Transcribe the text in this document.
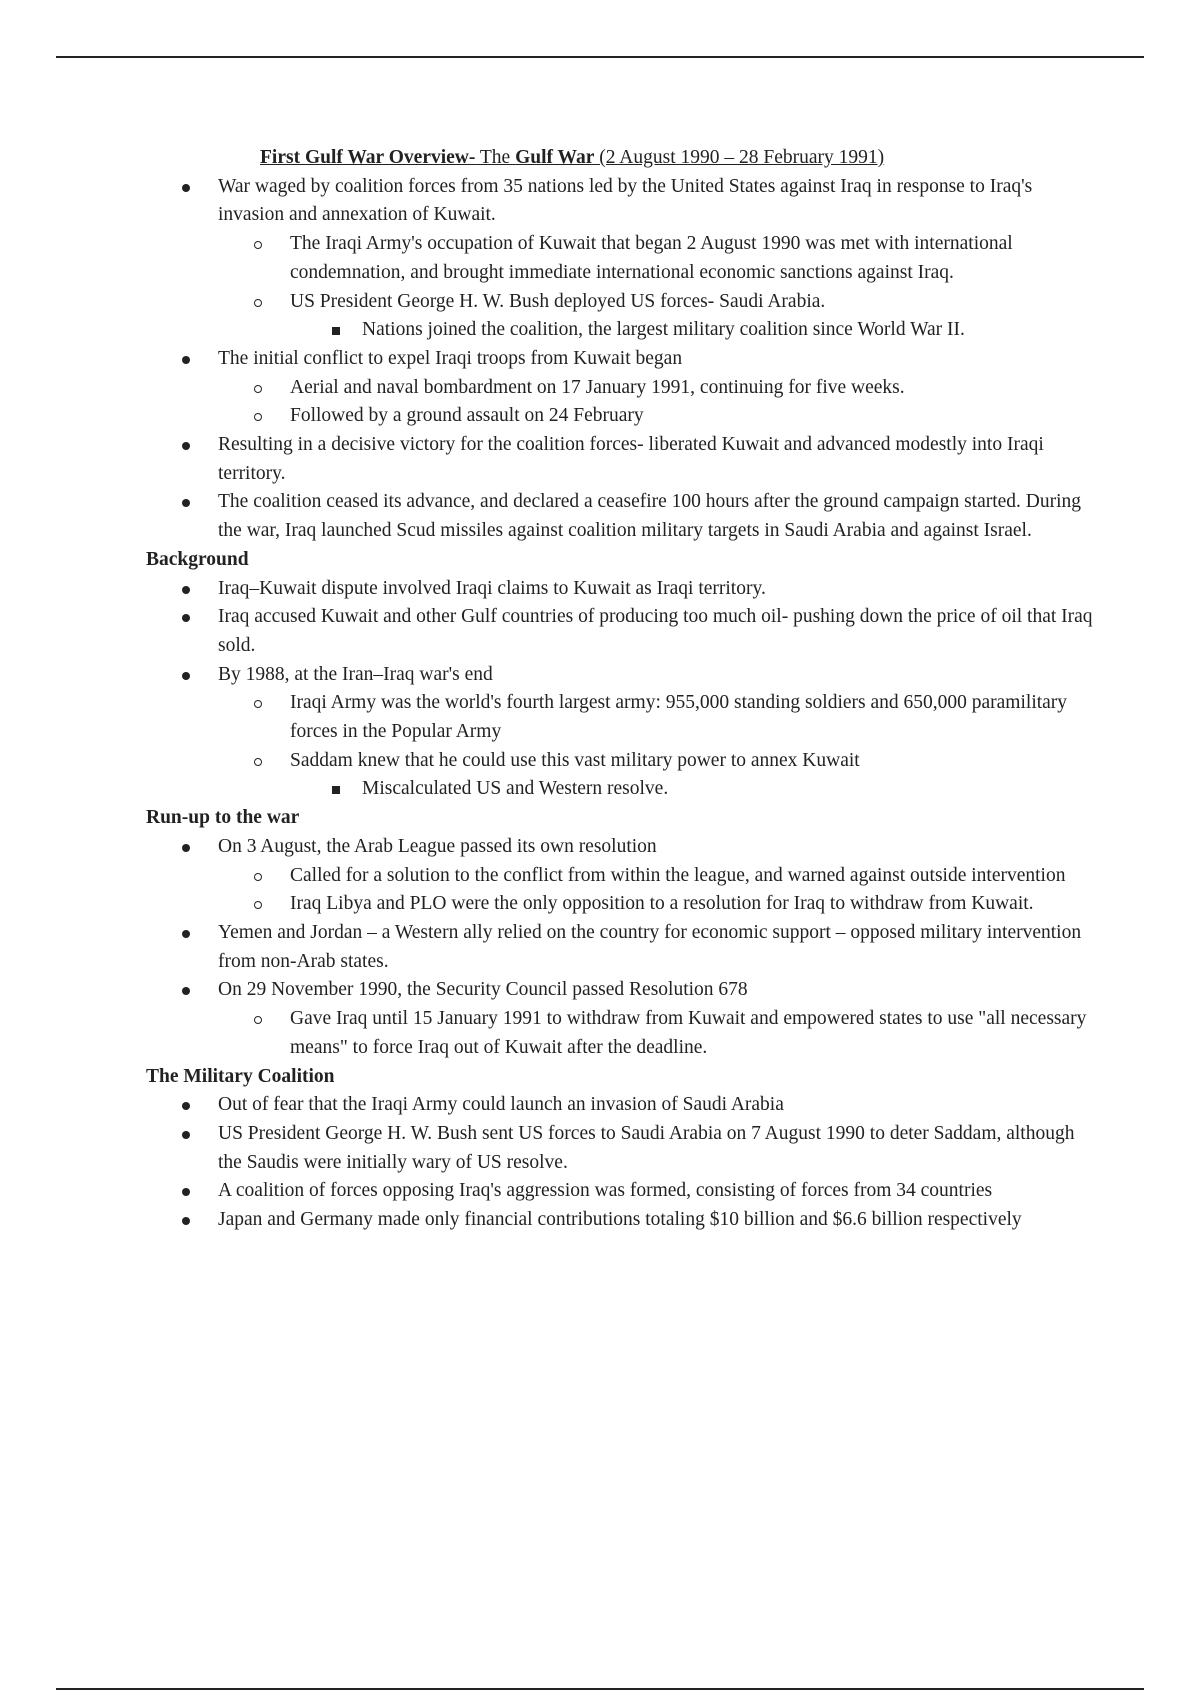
First Gulf War Overview- The Gulf War (2 August 1990 – 28 February 1991)
War waged by coalition forces from 35 nations led by the United States against Iraq in response to Iraq's invasion and annexation of Kuwait.
The Iraqi Army's occupation of Kuwait that began 2 August 1990 was met with international condemnation, and brought immediate international economic sanctions against Iraq.
US President George H. W. Bush deployed US forces- Saudi Arabia.
Nations joined the coalition, the largest military coalition since World War II.
The initial conflict to expel Iraqi troops from Kuwait began
Aerial and naval bombardment on 17 January 1991, continuing for five weeks.
Followed by a ground assault on 24 February
Resulting in a decisive victory for the coalition forces- liberated Kuwait and advanced modestly into Iraqi territory.
The coalition ceased its advance, and declared a ceasefire 100 hours after the ground campaign started. During the war, Iraq launched Scud missiles against coalition military targets in Saudi Arabia and against Israel.
Background
Iraq–Kuwait dispute involved Iraqi claims to Kuwait as Iraqi territory.
Iraq accused Kuwait and other Gulf countries of producing too much oil- pushing down the price of oil that Iraq sold.
By 1988, at the Iran–Iraq war's end
Iraqi Army was the world's fourth largest army: 955,000 standing soldiers and 650,000 paramilitary forces in the Popular Army
Saddam knew that he could use this vast military power to annex Kuwait
Miscalculated US and Western resolve.
Run-up to the war
On 3 August, the Arab League passed its own resolution
Called for a solution to the conflict from within the league, and warned against outside intervention
Iraq Libya and PLO were the only opposition to a resolution for Iraq to withdraw from Kuwait.
Yemen and Jordan – a Western ally relied on the country for economic support – opposed military intervention from non-Arab states.
On 29 November 1990, the Security Council passed Resolution 678
Gave Iraq until 15 January 1991 to withdraw from Kuwait and empowered states to use "all necessary means" to force Iraq out of Kuwait after the deadline.
The Military Coalition
Out of fear that the Iraqi Army could launch an invasion of Saudi Arabia
US President George H. W. Bush sent US forces to Saudi Arabia on 7 August 1990 to deter Saddam, although the Saudis were initially wary of US resolve.
A coalition of forces opposing Iraq's aggression was formed, consisting of forces from 34 countries
Japan and Germany made only financial contributions totaling $10 billion and $6.6 billion respectively
